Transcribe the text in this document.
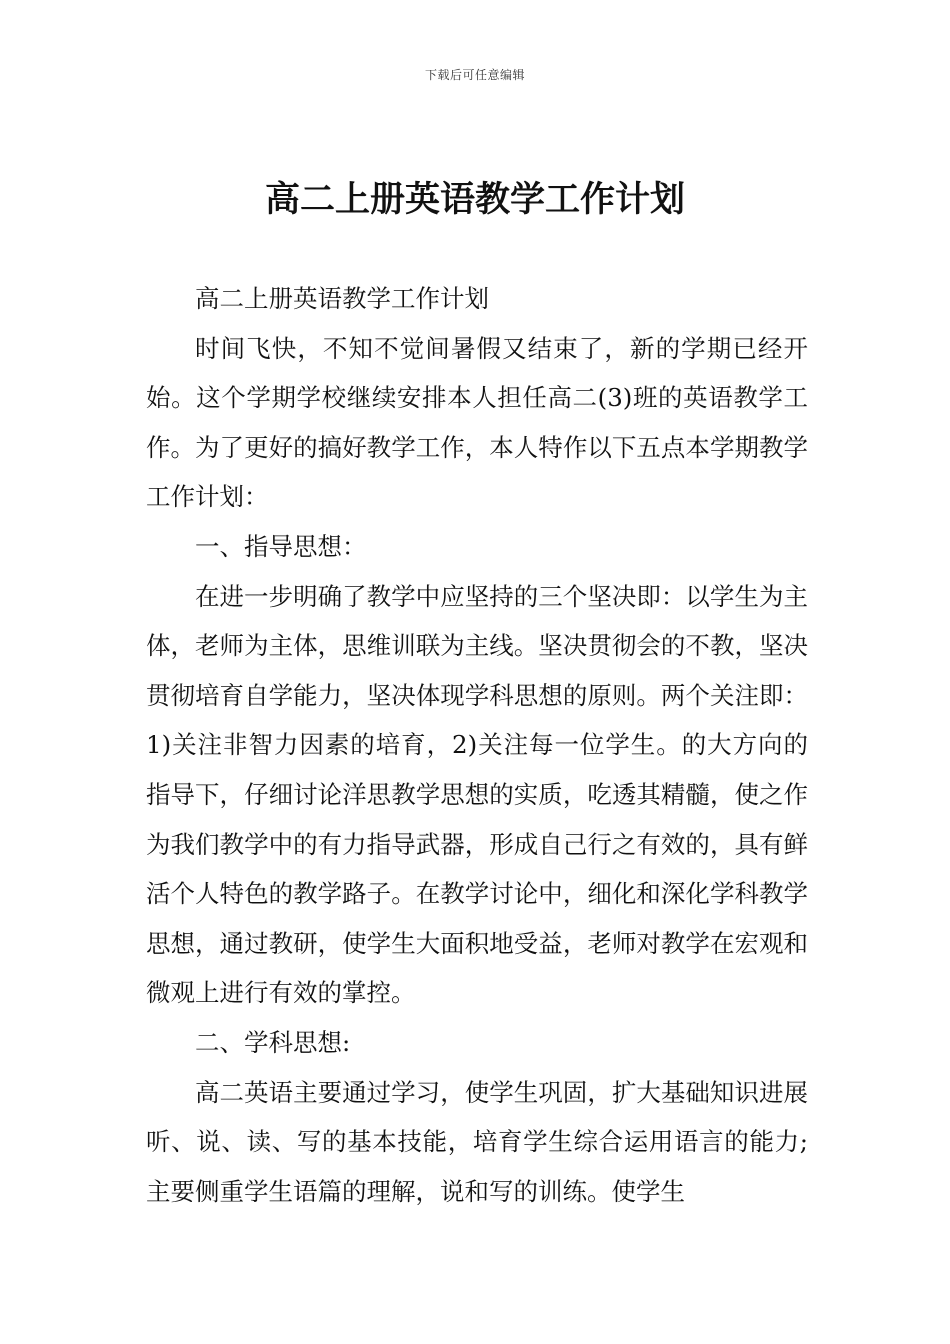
下载后可任意编辑
高二上册英语教学工作计划

高二上册英语教学工作计划

时间飞快，不知不觉间暑假又结束了，新的学期已经开始。这个学期学校继续安排本人担任高二(3)班的英语教学工作。为了更好的搞好教学工作，本人特作以下五点本学期教学工作计划：

一、指导思想：

在进一步明确了教学中应坚持的三个坚决即：以学生为主体，老师为主体，思维训联为主线。坚决贯彻会的不教，坚决贯彻培育自学能力，坚决体现学科思想的原则。两个关注即：1)关注非智力因素的培育，2)关注每一位学生。的大方向的指导下，仔细讨论洋思教学思想的实质，吃透其精髓，使之作为我们教学中的有力指导武器，形成自己行之有效的，具有鲜活个人特色的教学路子。在教学讨论中，细化和深化学科教学思想，通过教研，使学生大面积地受益，老师对教学在宏观和微观上进行有效的掌控。

二、学科思想:

高二英语主要通过学习，使学生巩固，扩大基础知识进展听、说、读、写的基本技能，培育学生综合运用语言的能力;主要侧重学生语篇的理解，说和写的训练。使学生
